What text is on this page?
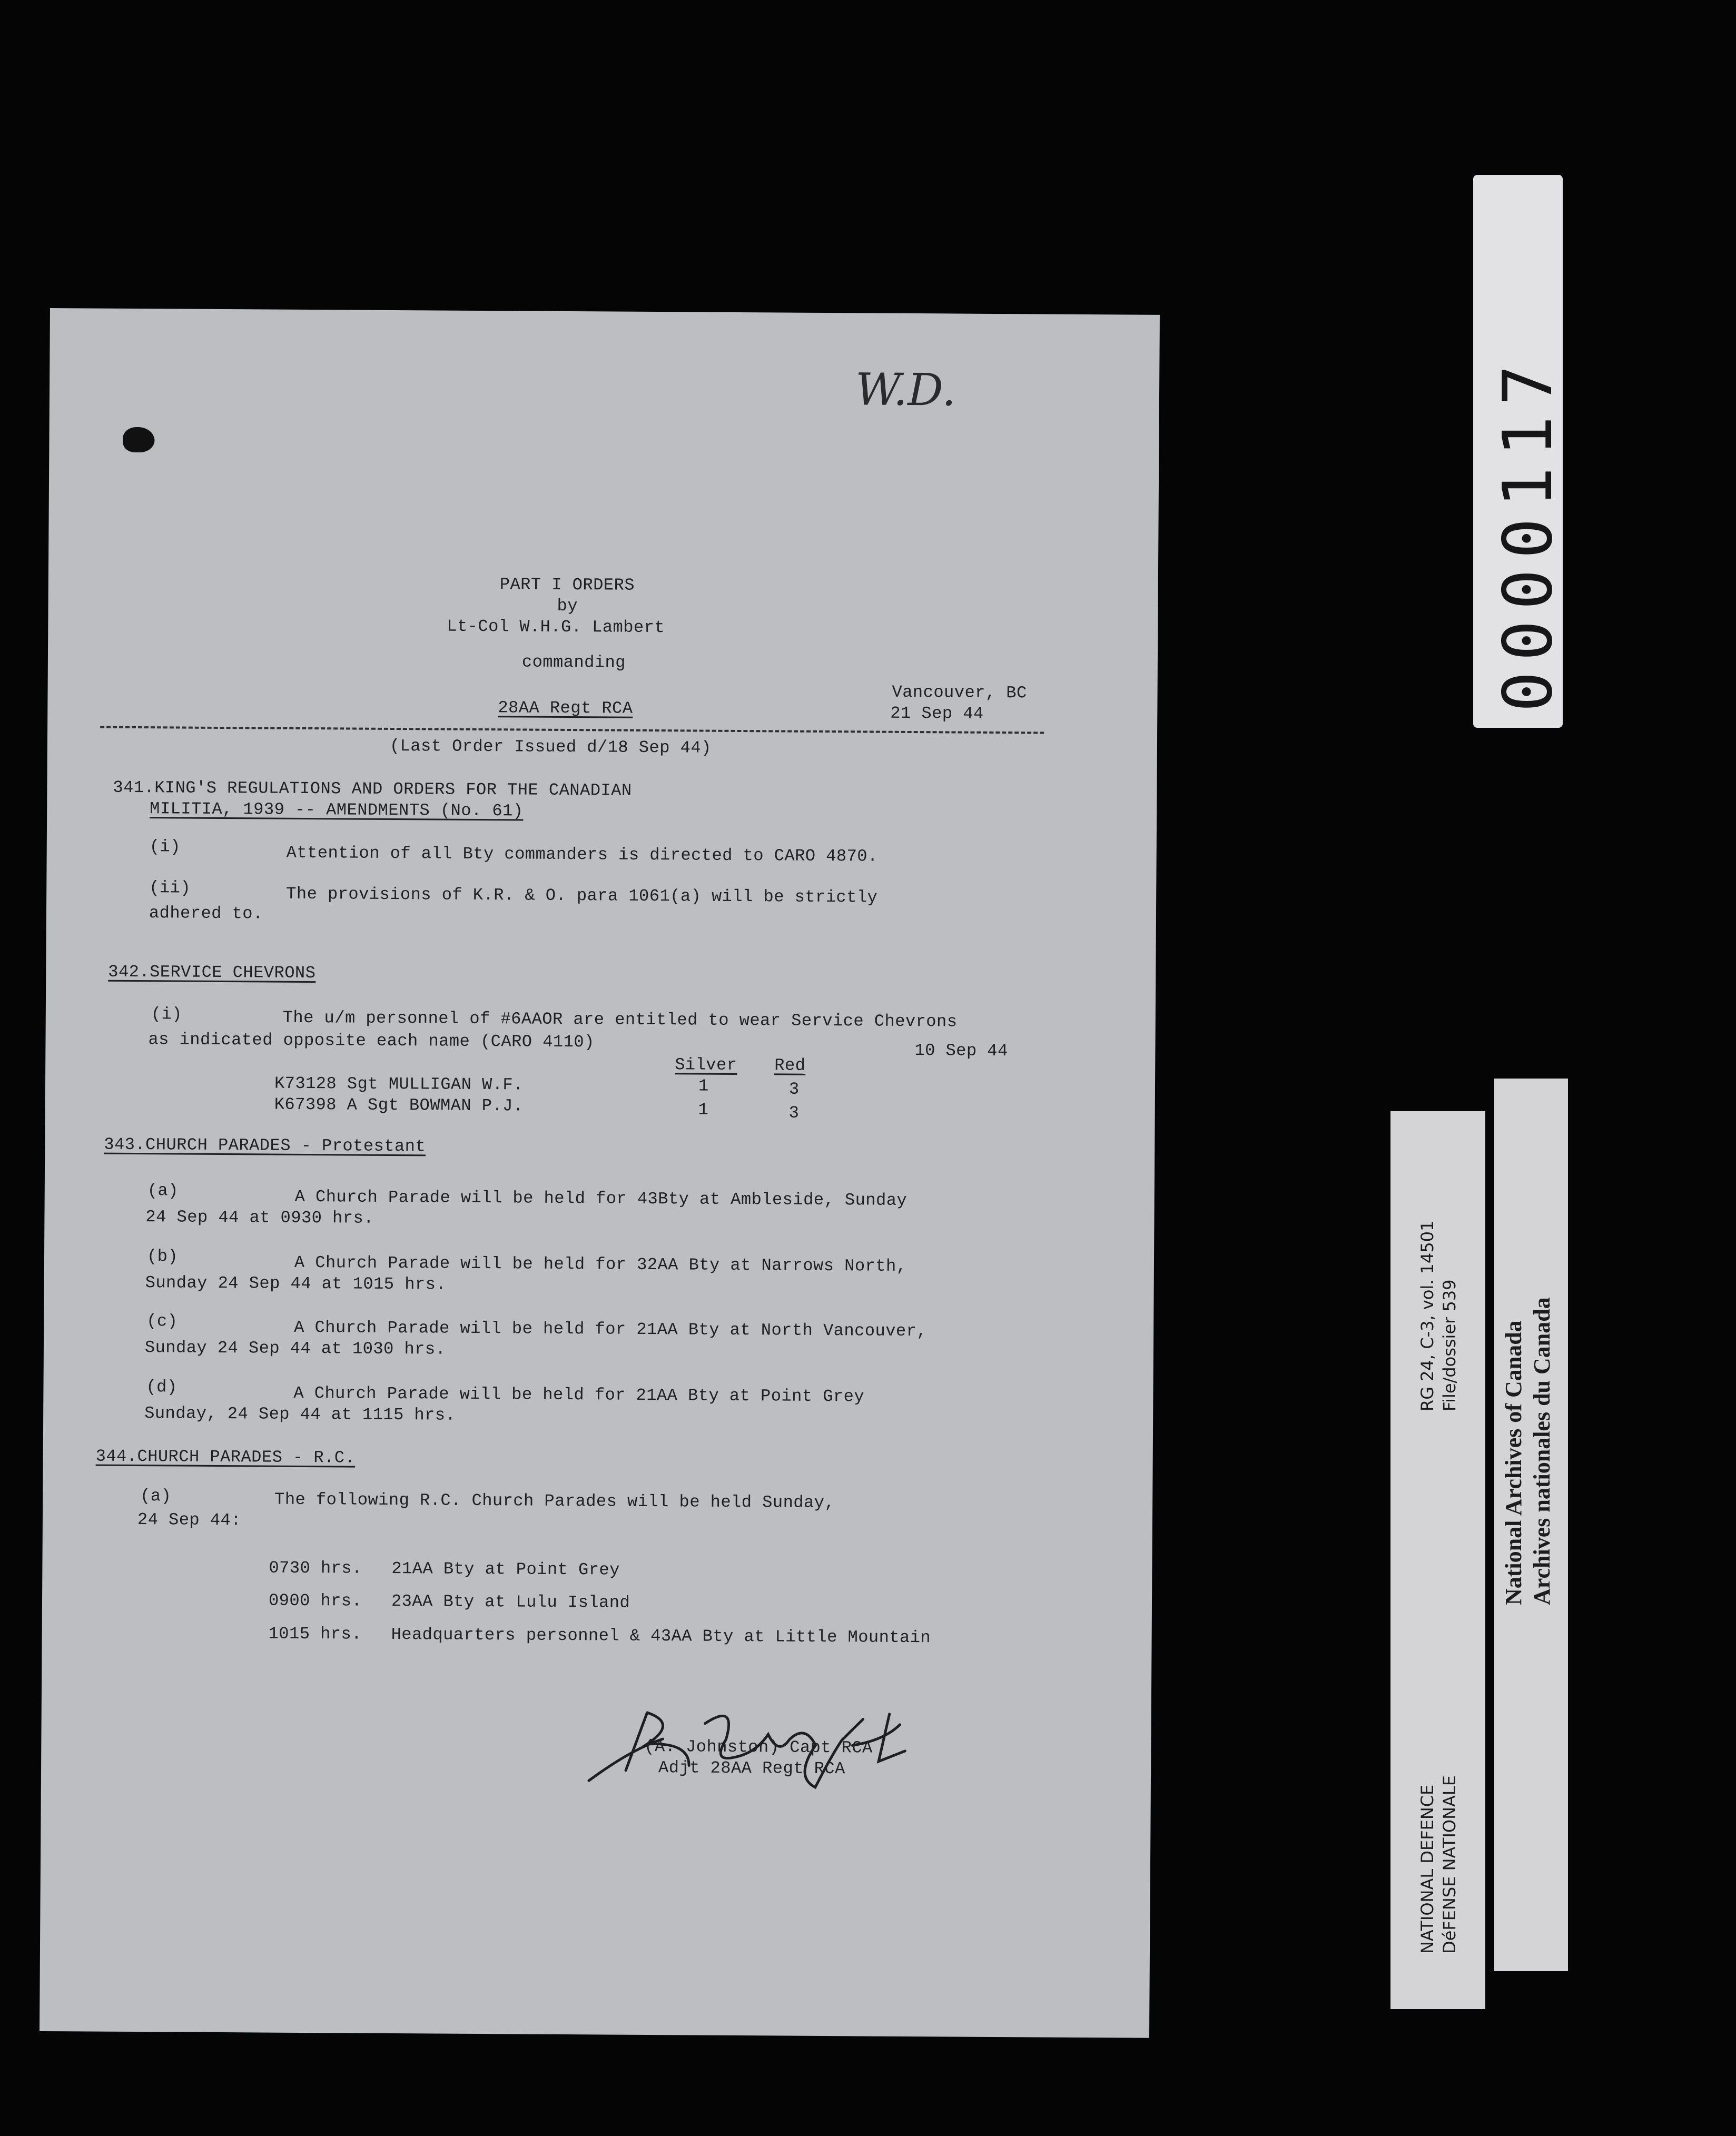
W.D.
PART I ORDERS
by
Lt-Col W.H.G. Lambert
commanding
Vancouver, BC
28AA Regt RCA	21 Sep 44
(Last Order Issued d/18 Sep 44)
341.KING'S REGULATIONS AND ORDERS FOR THE CANADIAN
MILITIA, 1939 -- AMENDMENTS (No. 61)
(i)	Attention of all Bty commanders is directed to CARO 4870.
(ii)	The provisions of K.R. & O. para 1061(a) will be strictly
adhered to.
342.SERVICE CHEVRONS
(i)	The u/m personnel of #6AAOR are entitled to wear Service Chevrons
as indicated opposite each name (CARO 4110)	10 Sep 44
Silver Red
K73128 Sgt MULLIGAN W.F.	1	3
K67398 A Sgt BOWMAN P.J.	1	3
343.CHURCH PARADES - Protestant
(a)	A Church Parade will be held for 43Bty at Ambleside, Sunday
24 Sep 44 at 0930 hrs.
(b)	A Church Parade will be held for 32AA Bty at Narrows North,
Sunday 24 Sep 44 at 1015 hrs.
(c)	A Church Parade will be held for 21AA Bty at North Vancouver,
Sunday 24 Sep 44 at 1030 hrs.
(d)	A Church Parade will be held for 21AA Bty at Point Grey
Sunday, 24 Sep 44 at 1115 hrs.
344.CHURCH PARADES - R.C.
(a)	The following R.C. Church Parades will be held Sunday,
24 Sep 44:
0730 hrs. 21AA Bty at Point Grey
0900 hrs. 23AA Bty at Lulu Island
1015 hrs. Headquarters personnel & 43AA Bty at Little Mountain
(A. Johnston) Capt RCA
Adjt 28AA Regt RCA
0000117
RG 24, C-3, vol. 14501 File/dossier 539
NATIONAL DEFENCE DéFENSE NATIONALE
National Archives of Canada Archives nationales du Canada
